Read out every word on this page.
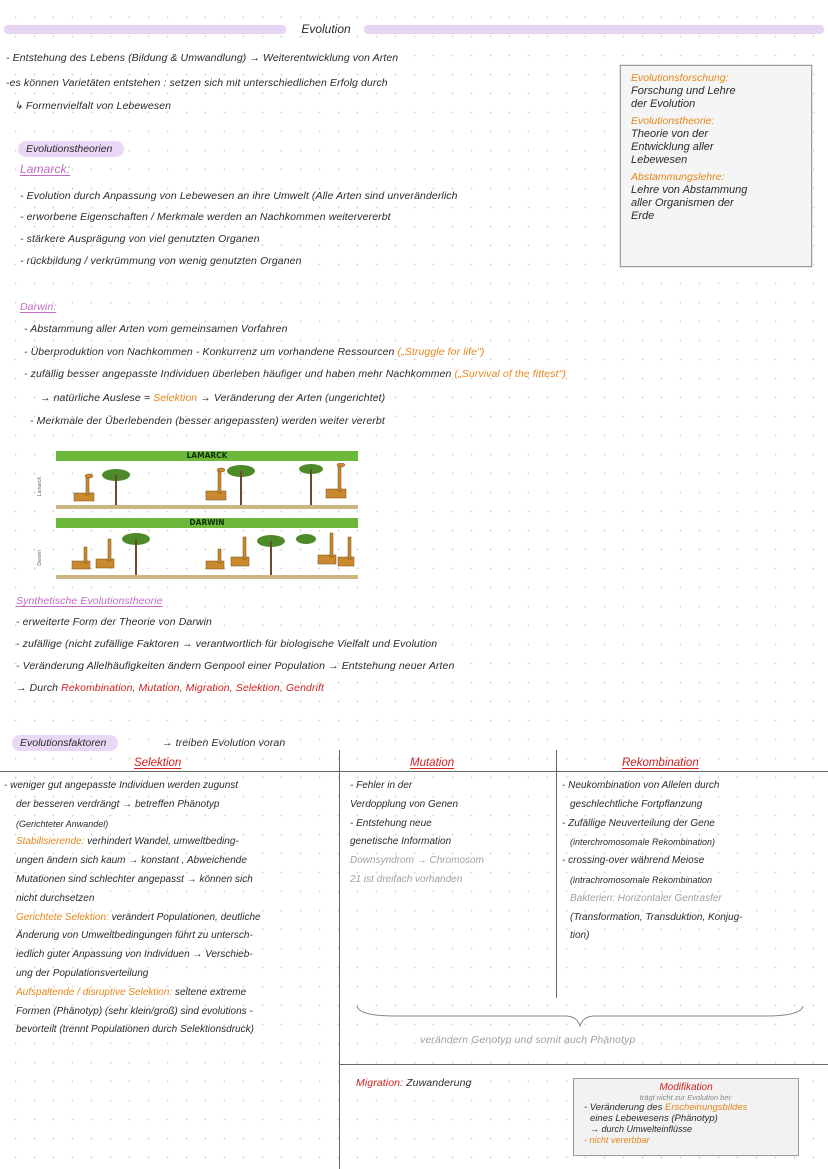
Evolution
- Entstehung des Lebens (Bildung & Umwandlung) → Weiterentwicklung von Arten
-es können Varietäten entstehen : setzen sich mit unterschiedlichen Erfolg durch
↳ Formenvielfalt von Lebewesen
Evolutionsforschung:
Forschung und Lehre
der Evolution
Evolutionstheorie:
Theorie von der
Entwicklung aller
Lebewesen
Abstammungslehre:
Lehre von Abstammung
aller Organismen der
Erde
Evolutionstheorien
Lamarck:
- Evolution durch Anpassung von Lebewesen an ihre Umwelt (Alle Arten sind unveränderlich
- erworbene Eigenschaften / Merkmale werden an Nachkommen weitervererbt
- stärkere Ausprägung von viel genutzten Organen
- rückbildung / verkrümmung von wenig genutzten Organen
Darwin:
- Abstammung aller Arten vom gemeinsamen Vorfahren
- Überproduktion von Nachkommen - Konkurrenz um vorhandene Ressourcen („Struggle for life")
- zufällig besser angepasste Individuen überleben häufiger und haben mehr Nachkommen („Survival of the fittest")
→ natürliche Auslese = Selektion → Veränderung der Arten (ungerichtet)
- Merkmale der Überlebenden (besser angepassten) werden weiter vererbt
LAMARCK
Lamarck
DARWIN
Darwin
Synthetische Evolutionstheorie
- erweiterte Form der Theorie von Darwin
- zufällige (nicht zufällige Faktoren → verantwortlich für biologische Vielfalt und Evolution
- Veränderung Allelhäufigkeiten ändern Genpool einer Population → Entstehung neuer Arten
→ Durch Rekombination, Mutation, Migration, Selektion, Gendrift
Evolutionsfaktoren	→ treiben Evolution voran
Selektion	Mutation	Rekombination
- weniger gut angepasste Individuen werden zugunst
der besseren verdrängt → betreffen Phänotyp
(Gerichteter Anwandel)
Stabilisierende: verhindert Wandel, umweltbeding-
ungen ändern sich kaum → konstant , Abweichende
Mutationen sind schlechter angepasst → können sich
nicht durchsetzen
Gerichtete Selektion: verändert Populationen, deutliche
Änderung von Umweltbedingungen führt zu untersch-
iedlich guter Anpassung von Individuen → Verschieb-
ung der Populationsverteilung
Aufspaltende / disruptive Selektion: seltene extreme
Formen (Phänotyp) (sehr klein/groß) sind evolutions -
bevorteilt (trennt Populationen durch Selektionsdruck)
- Fehler in der
Verdopplung von Genen
- Entstehung neue
genetische Information
Downsyndrom → Chromosom
21 ist dreifach vorhanden
- Neukombination von Allelen durch
geschlechtliche Fortpflanzung
- Zufällige Neuverteilung der Gene
(interchromosomale Rekombination)
- crossing-over während Meiose
(intrachromosomale Rekombination
Bakterien: Horizontaler Gentrasfer
(Transformation, Transduktion, Konjug-
tion)
verändern Genotyp und somit auch Phänotyp
Migration: Zuwanderung	Modifikation
trägt nicht zur Evolution bei:
- Veränderung des Erscheinungsbildes
eines Lebewesens (Phänotyp)
→ durch Umwelteinflüsse
- nicht vererbbar
